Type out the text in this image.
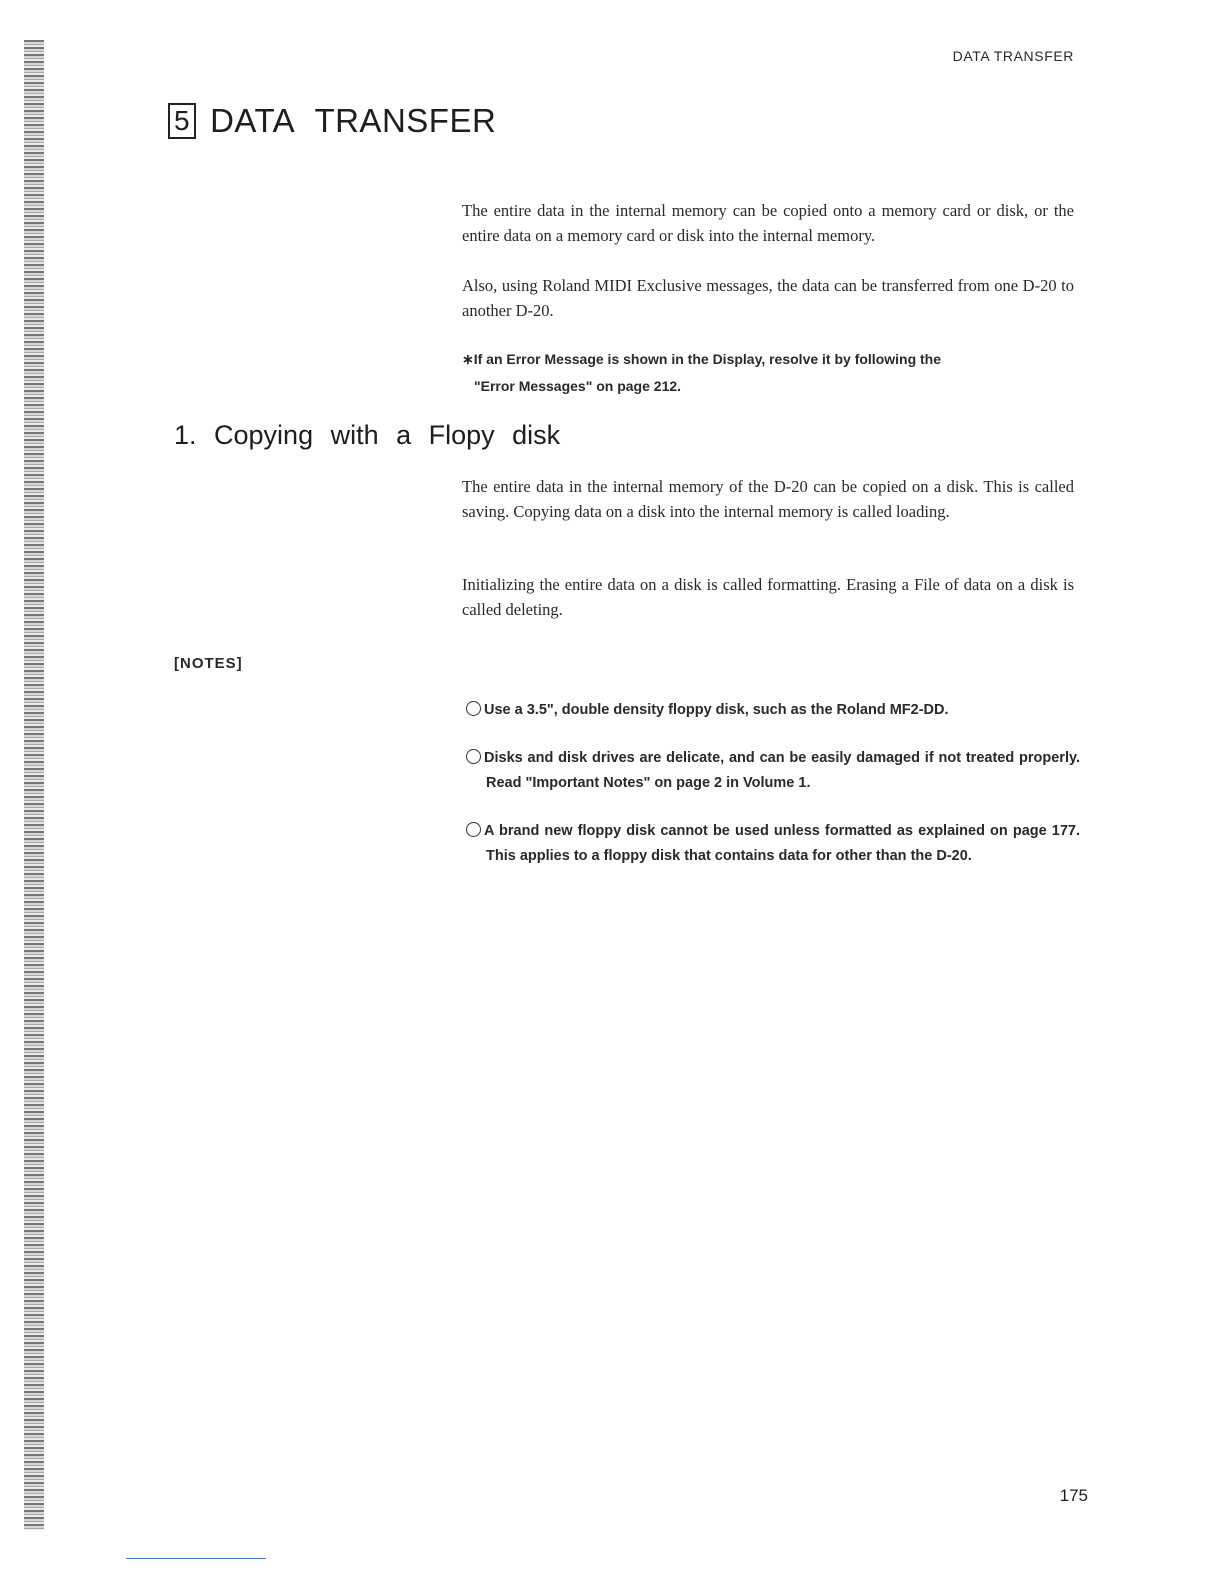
DATA TRANSFER
5 DATA TRANSFER

The entire data in the internal memory can be copied onto a memory card or disk, or the entire data on a memory card or disk into the internal memory.

Also, using Roland MIDI Exclusive messages, the data can be transferred from one D-20 to another D-20.

∗If an Error Message is shown in the Display, resolve it by following the
"Error Messages" on page 212.

1. Copying with a Flopy disk

The entire data in the internal memory of the D-20 can be copied on a disk. This is called saving. Copying data on a disk into the internal memory is called loading.

Initializing the entire data on a disk is called formatting. Erasing a File of data on a disk is called deleting.

[NOTES]
Use a 3.5", double density floppy disk, such as the Roland MF2-DD.
Disks and disk drives are delicate, and can be easily damaged if not treated properly. Read "Important Notes" on page 2 in Volume 1.
A brand new floppy disk cannot be used unless formatted as explained on page 177. This applies to a floppy disk that contains data for other than the D-20.
175
